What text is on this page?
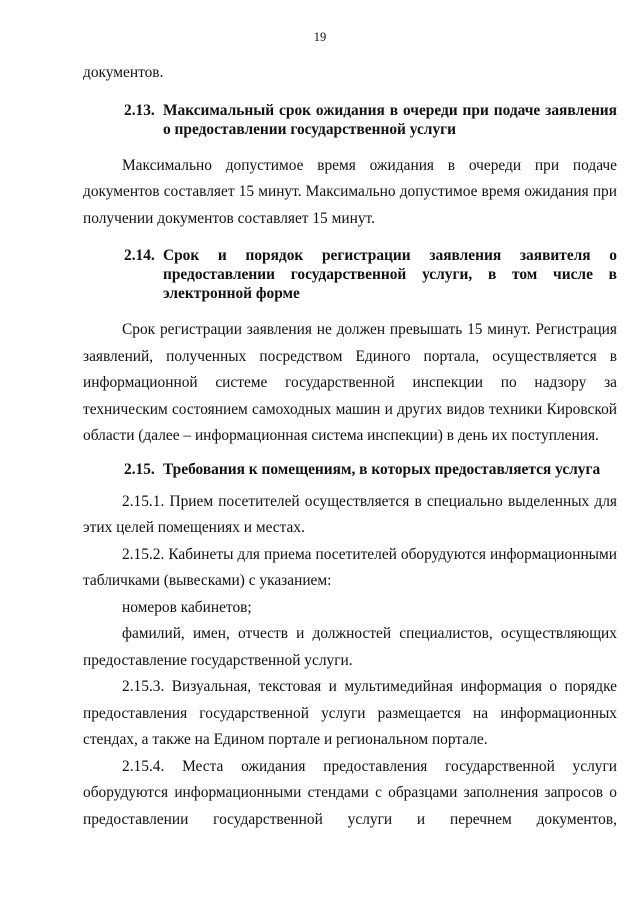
19

документов.

2.13. Максимальный срок ожидания в очереди при подаче заявления о предоставлении государственной услуги

Максимально допустимое время ожидания в очереди при подаче документов составляет 15 минут. Максимально допустимое время ожидания при получении документов составляет 15 минут.

2.14. Срок и порядок регистрации заявления заявителя о предоставлении государственной услуги, в том числе в электронной форме

Срок регистрации заявления не должен превышать 15 минут. Регистрация заявлений, полученных посредством Единого портала, осуществляется в информационной системе государственной инспекции по надзору за техническим состоянием самоходных машин и других видов техники Кировской области (далее – информационная система инспекции) в день их поступления.

2.15. Требования к помещениям, в которых предоставляется услуга

2.15.1. Прием посетителей осуществляется в специально выделенных для этих целей помещениях и местах.

2.15.2. Кабинеты для приема посетителей оборудуются информационными табличками (вывесками) с указанием:

номеров кабинетов;

фамилий, имен, отчеств и должностей специалистов, осуществляющих предоставление государственной услуги.

2.15.3. Визуальная, текстовая и мультимедийная информация о порядке предоставления государственной услуги размещается на информационных стендах, а также на Едином портале и региональном портале.

2.15.4. Места ожидания предоставления государственной услуги оборудуются информационными стендами с образцами заполнения запросов о предоставлении государственной услуги и перечнем документов,
